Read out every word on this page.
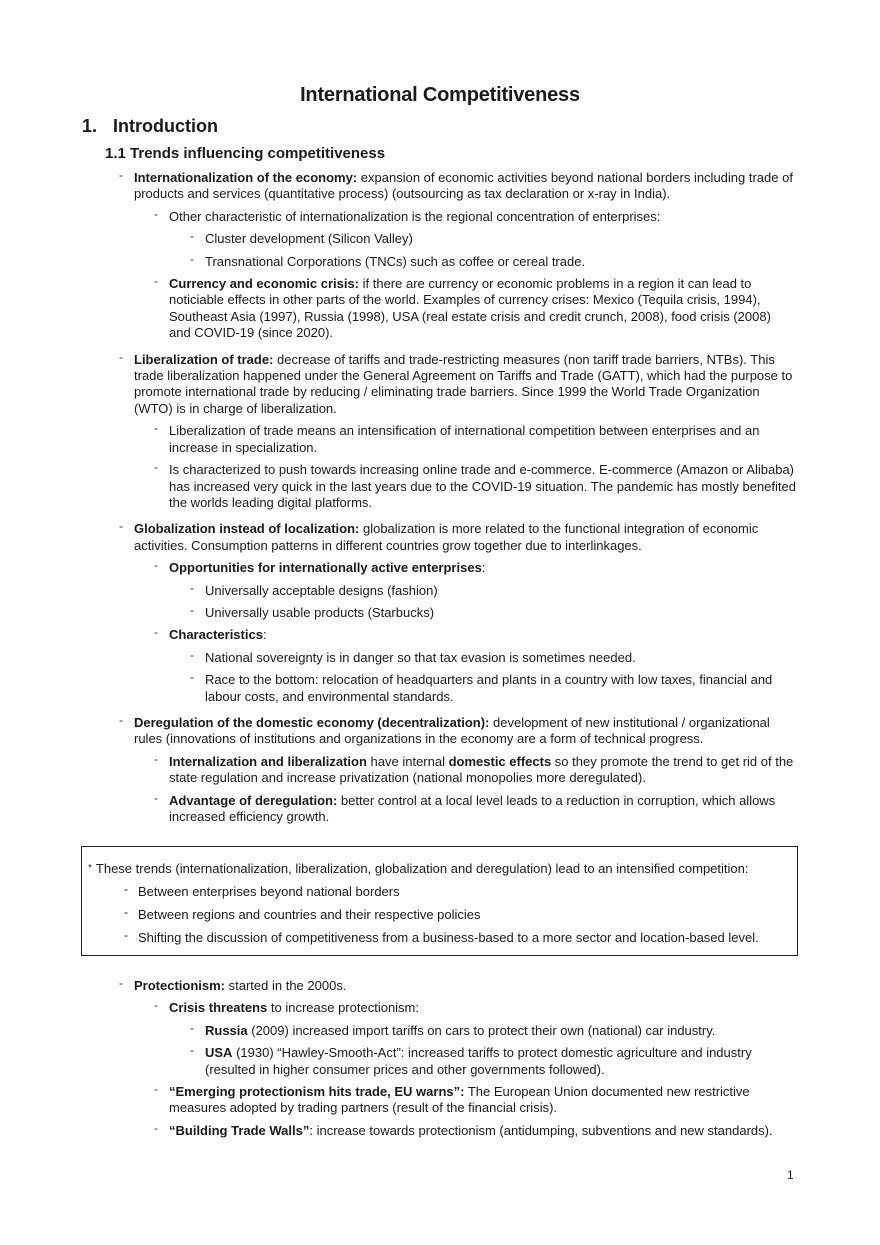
International Competitiveness
1. Introduction
1.1 Trends influencing competitiveness
- Internationalization of the economy: expansion of economic activities beyond national borders including trade of products and services (quantitative process) (outsourcing as tax declaration or x-ray in India).
- Other characteristic of internationalization is the regional concentration of enterprises:
- Cluster development (Silicon Valley)
- Transnational Corporations (TNCs) such as coffee or cereal trade.
- Currency and economic crisis: if there are currency or economic problems in a region it can lead to noticiable effects in other parts of the world. Examples of currency crises: Mexico (Tequila crisis, 1994), Southeast Asia (1997), Russia (1998), USA (real estate crisis and credit crunch, 2008), food crisis (2008) and COVID-19 (since 2020).
- Liberalization of trade: decrease of tariffs and trade-restricting measures (non tariff trade barriers, NTBs). This trade liberalization happened under the General Agreement on Tariffs and Trade (GATT), which had the purpose to promote international trade by reducing / eliminating trade barriers. Since 1999 the World Trade Organization (WTO) is in charge of liberalization.
- Liberalization of trade means an intensification of international competition between enterprises and an increase in specialization.
- Is characterized to push towards increasing online trade and e-commerce. E-commerce (Amazon or Alibaba) has increased very quick in the last years due to the COVID-19 situation. The pandemic has mostly benefited the worlds leading digital platforms.
- Globalization instead of localization: globalization is more related to the functional integration of economic activities. Consumption patterns in different countries grow together due to interlinkages.
- Opportunities for internationally active enterprises:
- Universally acceptable designs (fashion)
- Universally usable products (Starbucks)
- Characteristics:
- National sovereignty is in danger so that tax evasion is sometimes needed.
- Race to the bottom: relocation of headquarters and plants in a country with low taxes, financial and labour costs, and environmental standards.
- Deregulation of the domestic economy (decentralization): development of new institutional / organizational rules (innovations of institutions and organizations in the economy are a form of technical progress.
- Internalization and liberalization have internal domestic effects so they promote the trend to get rid of the state regulation and increase privatization (national monopolies more deregulated).
- Advantage of deregulation: better control at a local level leads to a reduction in corruption, which allows increased efficiency growth.
* These trends (internationalization, liberalization, globalization and deregulation) lead to an intensified competition:
- Between enterprises beyond national borders
- Between regions and countries and their respective policies
- Shifting the discussion of competitiveness from a business-based to a more sector and location-based level.
- Protectionism: started in the 2000s.
- Crisis threatens to increase protectionism:
- Russia (2009) increased import tariffs on cars to protect their own (national) car industry.
- USA (1930) “Hawley-Smooth-Act”: increased tariffs to protect domestic agriculture and industry (resulted in higher consumer prices and other governments followed).
- “Emerging protectionism hits trade, EU warns”: The European Union documented new restrictive measures adopted by trading partners (result of the financial crisis).
- “Building Trade Walls”: increase towards protectionism (antidumping, subventions and new standards).
1
